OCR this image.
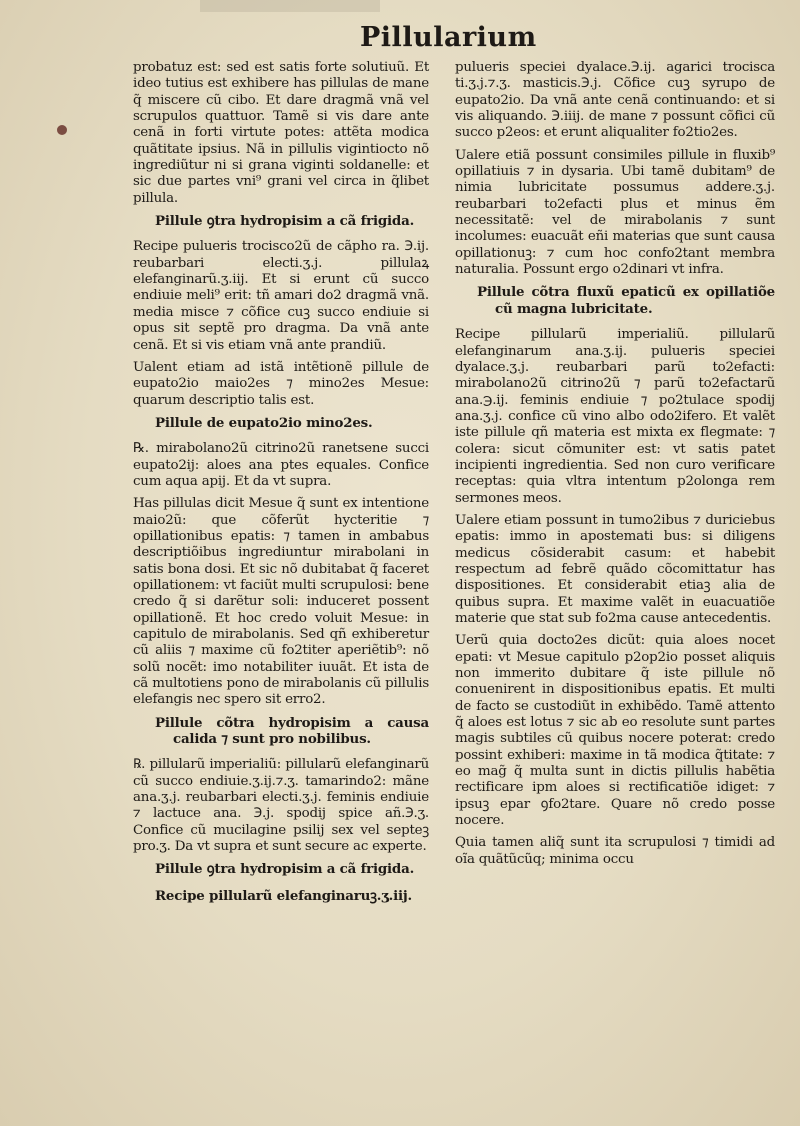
Pillularium

probatuz est: sed est satis forte solutiuũ. Et ideo tutius est exhibere has pillulas de mane q̃ miscere cũ cibo. Et dare dragmã vnã vel scrupulos quattuor. Tamẽ si vis dare ante cenã in forti virtute potes: attẽta modica quãtitate ipsius. Nã in pillulis vigintiocto nõ ingrediũtur ni si grana viginti soldanelle: et sic due partes vni⁹ grani vel circa in q̃libet pillula.

Pillule ꝯtra hydropisim a cã frigida.

Recipe pulueris trocisco2ũ de cãpho ra. ℈.ij. reubarbari electi.ʒ.j. pillulaꝝ elefanginarũ.ʒ.iij. Et si erunt cũ succo endiuie meli⁹ erit: tñ amari do2 dragmã vnã. media misce ⁊ cõfice cuꝫ succo endiuie si opus sit septẽ pro dragma. Da vnã ante cenã. Et si vis etiam vnã ante prandiũ.

Ualent etiam ad istã intẽtionẽ pillule de eupato2io maio2es ⁊ mino2es Mesue: quarum descriptio talis est.

Pillule de eupato2io mino2es.

℞. mirabolano2ũ citrino2ũ ranetsene succi eupato2ij: aloes ana ptes equales. Confice cum aqua apij. Et da vt supra.

Has pillulas dicit Mesue q̃ sunt ex intentione maio2ũ: que cõferũt hycteritie ⁊ opillationibus epatis: ⁊ tamen in ambabus descriptiõibus ingrediuntur mirabolani in satis bona dosi. Et sic nõ dubitabat q̃ faceret opillationem: vt faciũt multi scrupulosi: bene credo q̃ si darẽtur soli: induceret possent opillationẽ. Et hoc credo voluit Mesue: in capitulo de mirabolanis. Sed qñ exhiberetur cũ aliis ⁊ maxime cũ fo2titer aperiẽtib⁹: nõ solũ nocẽt: imo notabiliter iuuãt. Et ista de cã multotiens pono de mirabolanis cũ pillulis elefangis nec spero sit erro2.

Pillule cõtra hydropisim a causa calida ⁊ sunt pro nobilibus.

℞. pillularũ imperialiũ: pillularũ elefanginarũ cũ succo endiuie.ʒ.ij.⁊.ʒ. tamarindo2: mãne ana.ʒ.j. reubarbari electi.ʒ.j. feminis endiuie ⁊ lactuce ana. ℈.j. spodij spice añ.℈.ʒ. Confice cũ mucilagine psilij sex vel septeꝫ pro.ʒ. Da vt supra et sunt secure ac experte.

Pillule ꝯtra hydropisim a cã frigida.

Recipe pillularũ elefanginaruꝫ.ʒ.iij.

pulueris speciei dyalace.℈.ij. agarici trocisca ti.ʒ.j.⁊.ʒ. masticis.℈.j. Cõfice cuꝫ syrupo de eupato2io. Da vnã ante cenã continuando: et si vis aliquando. ℈.iiij. de mane ⁊ possunt cõfici cũ succo p2eos: et erunt aliqualiter fo2tio2es.

Ualere etiã possunt consimiles pillule in fluxib⁹ opillatiuis ⁊ in dysaria. Ubi tamẽ dubitam⁹ de nimia lubricitate possumus addere.ʒ.j. reubarbari to2efacti plus et minus ẽm necessitatẽ: vel de mirabolanis ⁊ sunt incolumes: euacuãt eñi materias que sunt causa opillationuꝫ: ⁊ cum hoc confo2tant membra naturalia. Possunt ergo o2dinari vt infra.

Pillule cõtra fluxũ epaticũ ex opillatiõe cũ magna lubricitate.

Recipe pillularũ imperialiũ. pillularũ elefanginarum ana.ʒ.ij. pulueris speciei dyalace.ʒ.j. reubarbari parũ to2efacti: mirabolano2ũ citrino2ũ ⁊ parũ to2efactarũ ana.℈.ij. feminis endiuie ⁊ po2tulace spodij ana.ʒ.j. confice cũ vino albo odo2ifero. Et valẽt iste pillule qñ materia est mixta ex flegmate: ⁊ colera: sicut cõmuniter est: vt satis patet incipienti ingredientia. Sed non curo verificare receptas: quia vltra intentum p2olonga rem sermones meos.

Ualere etiam possunt in tumo2ibus ⁊ duriciebus epatis: immo in apostemati bus: si diligens medicus cõsiderabit casum: et habebit respectum ad febrẽ quãdo cõcomittatur has dispositiones. Et considerabit etiaꝫ alia de quibus supra. Et maxime valẽt in euacuatiõe materie que stat sub fo2ma cause antecedentis.

Uerũ quia docto2es dicũt: quia aloes nocet epati: vt Mesue capitulo p2op2io posset aliquis non immerito dubitare q̃ iste pillule nõ conuenirent in dispositionibus epatis. Et multi de facto se custodiũt in exhibẽdo. Tamẽ attento q̃ aloes est lotus ⁊ sic ab eo resolute sunt partes magis subtiles cũ quibus nocere poterat: credo possint exhiberi: maxime in tã modica q̃titate: ⁊ eo mag̃ q̃ multa sunt in dictis pillulis habẽtia rectificare ipm aloes si rectificatiõe idiget: ⁊ ipsuꝫ epar ꝯfo2tare. Quare nõ credo posse nocere.

Quia tamen aliq̃ sunt ita scrupulosi ⁊ timidi ad oĩa quãtũcũq; minima occu
